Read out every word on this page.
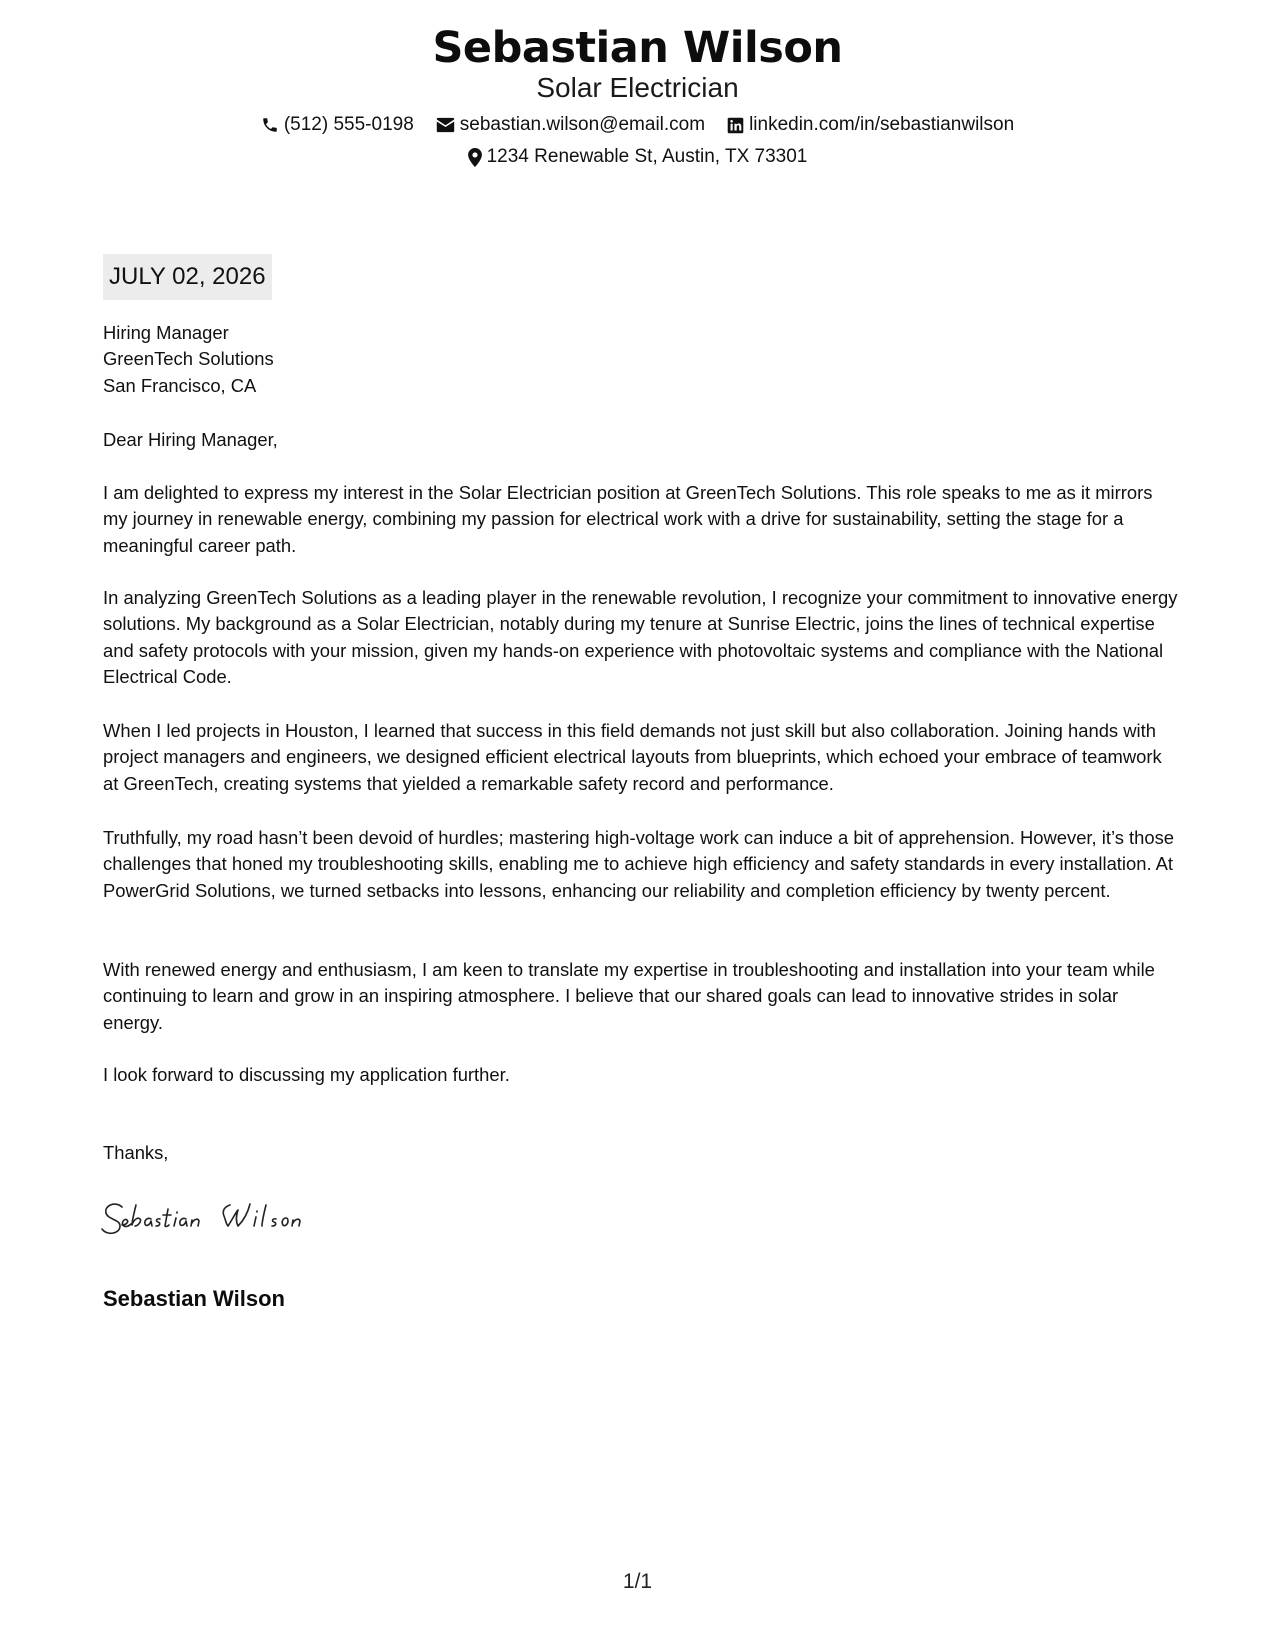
Sebastian Wilson
Solar Electrician
(512) 555-0198 sebastian.wilson@email.com linkedin.com/in/sebastianwilson
1234 Renewable St, Austin, TX 73301
JULY 02, 2026
Hiring Manager
GreenTech Solutions
San Francisco, CA

Dear Hiring Manager,

I am delighted to express my interest in the Solar Electrician position at GreenTech Solutions. This role speaks to me as it mirrors my journey in renewable energy, combining my passion for electrical work with a drive for sustainability, setting the stage for a meaningful career path.

In analyzing GreenTech Solutions as a leading player in the renewable revolution, I recognize your commitment to innovative energy solutions. My background as a Solar Electrician, notably during my tenure at Sunrise Electric, joins the lines of technical expertise and safety protocols with your mission, given my hands-on experience with photovoltaic systems and compliance with the National Electrical Code.

When I led projects in Houston, I learned that success in this field demands not just skill but also collaboration. Joining hands with project managers and engineers, we designed efficient electrical layouts from blueprints, which echoed your embrace of teamwork at GreenTech, creating systems that yielded a remarkable safety record and performance.

Truthfully, my road hasn’t been devoid of hurdles; mastering high-voltage work can induce a bit of apprehension. However, it’s those challenges that honed my troubleshooting skills, enabling me to achieve high efficiency and safety standards in every installation. At PowerGrid Solutions, we turned setbacks into lessons, enhancing our reliability and completion efficiency by twenty percent.

With renewed energy and enthusiasm, I am keen to translate my expertise in troubleshooting and installation into your team while continuing to learn and grow in an inspiring atmosphere. I believe that our shared goals can lead to innovative strides in solar energy.

I look forward to discussing my application further.

Thanks,

Sebastian Wilson
1/1
